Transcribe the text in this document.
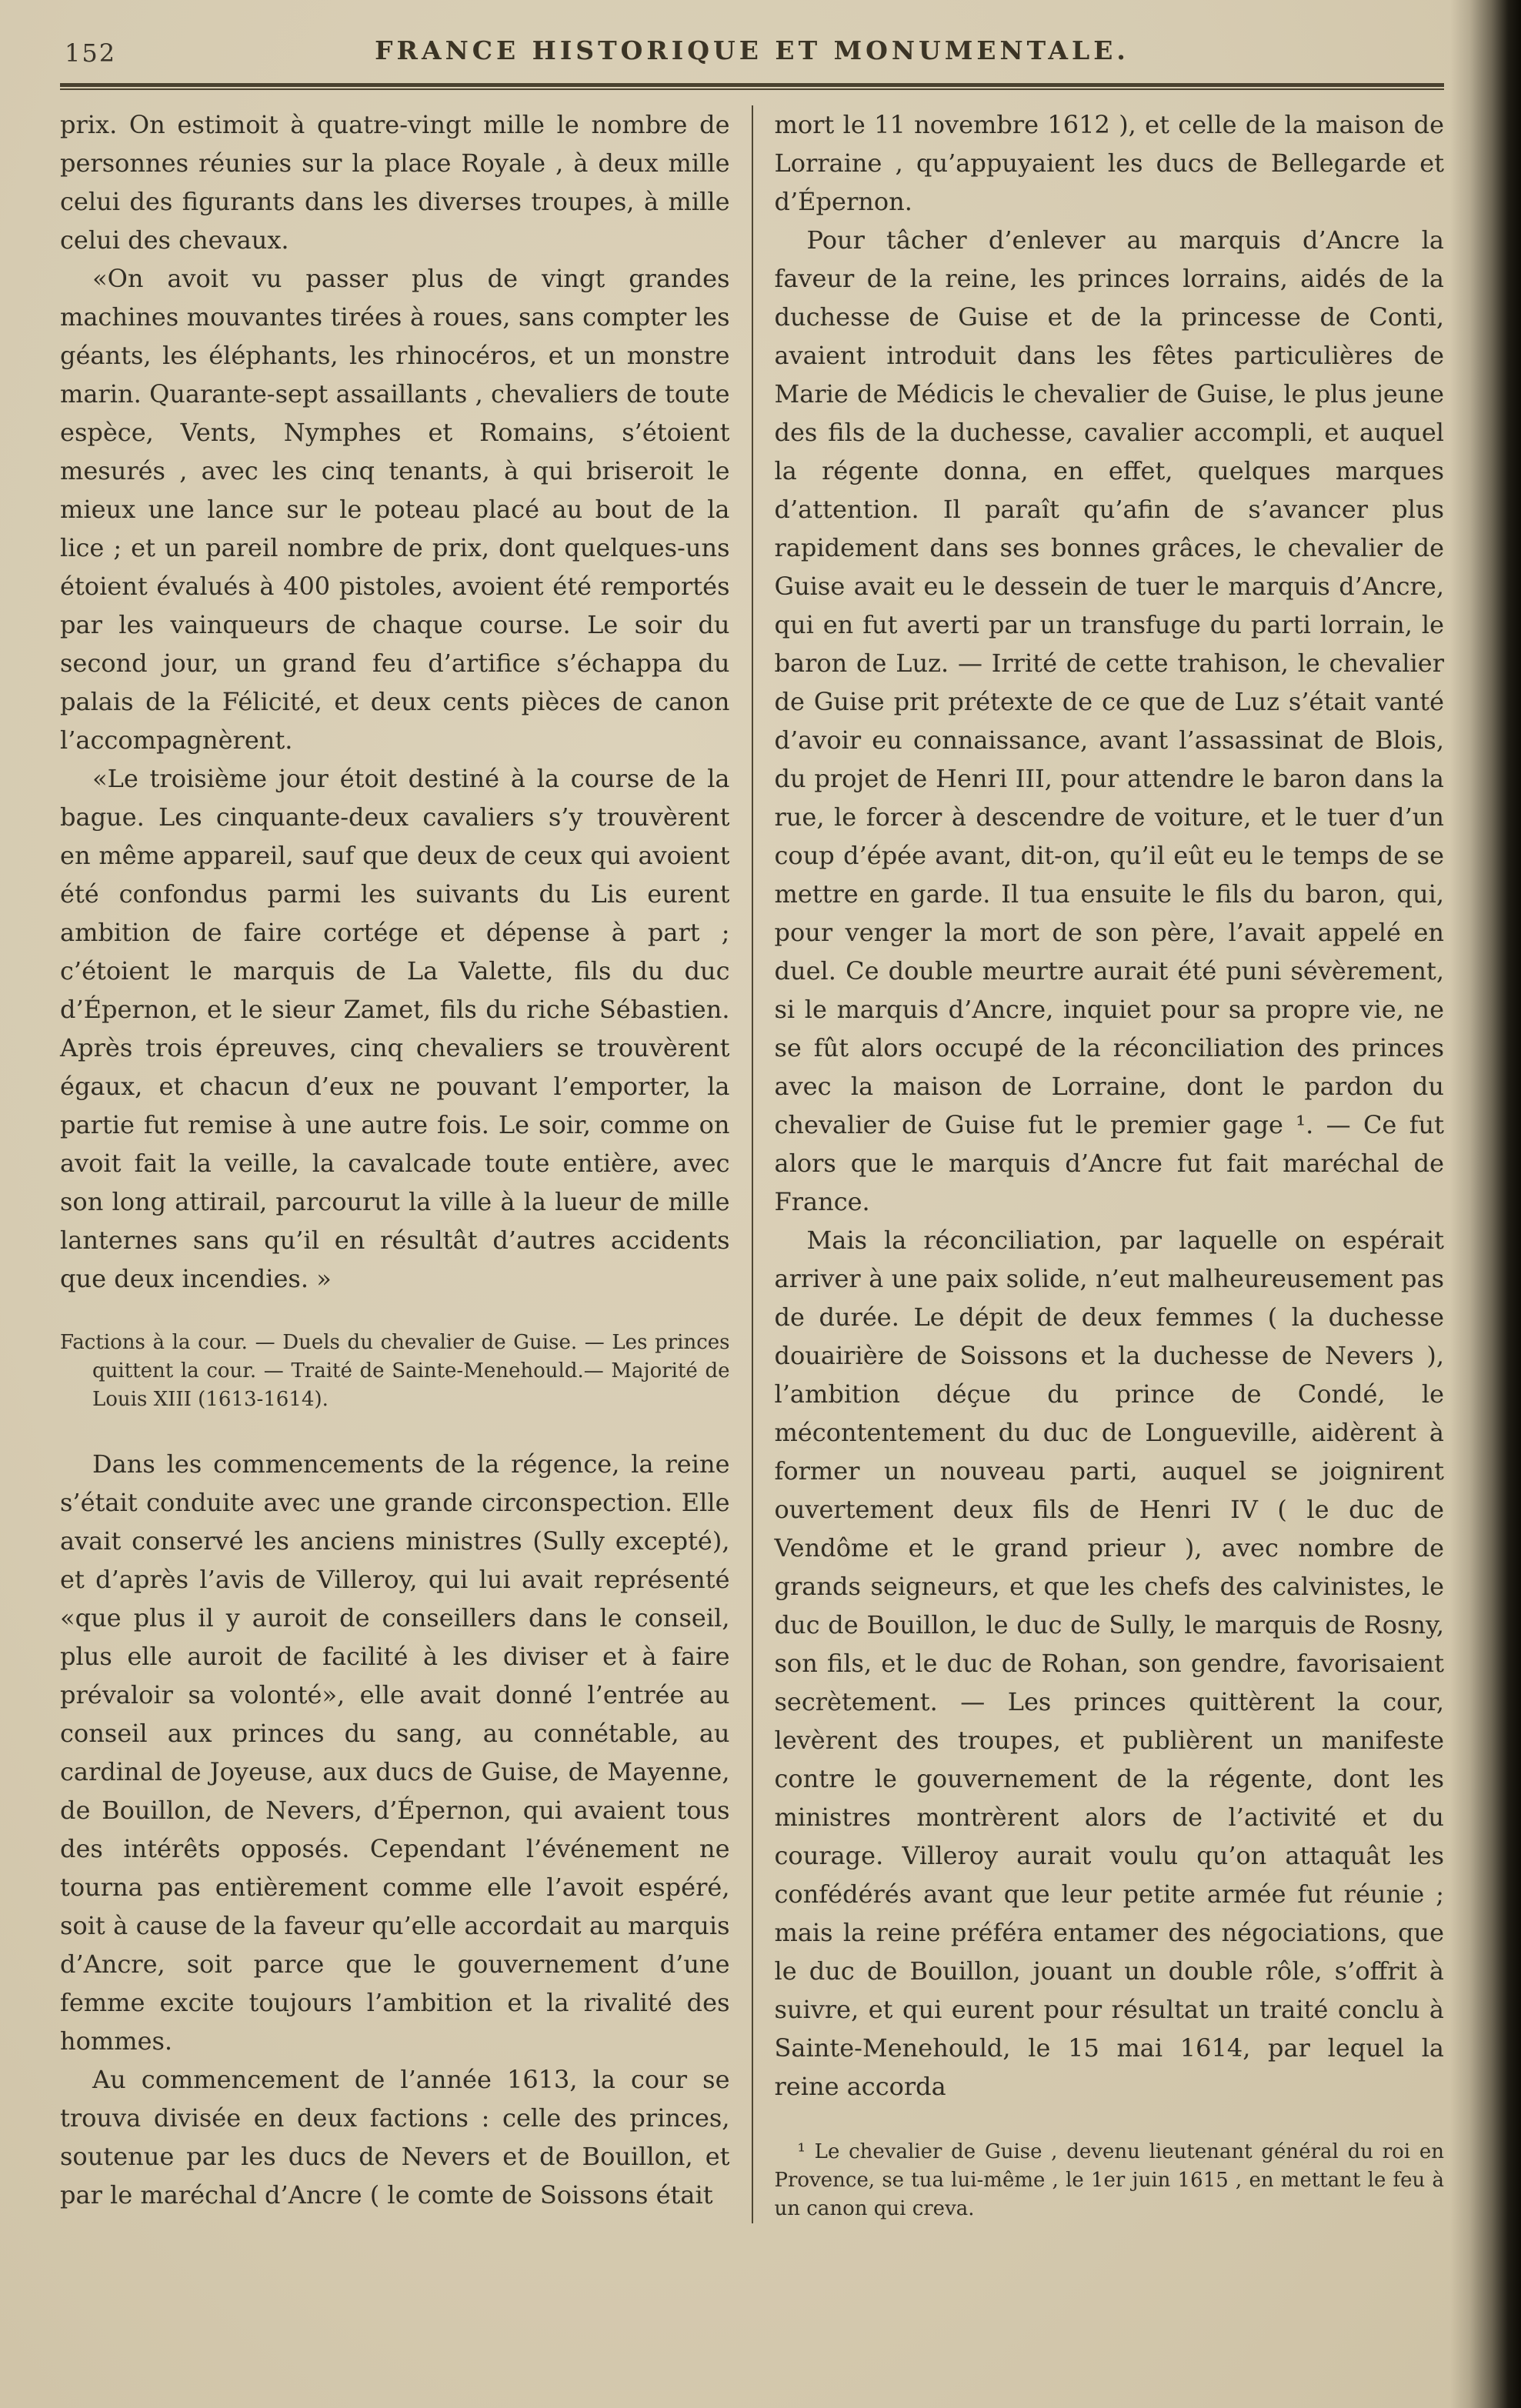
152	FRANCE HISTORIQUE ET MONUMENTALE.

prix. On estimoit à quatre-vingt mille le nombre de personnes réunies sur la place Royale , à deux mille celui des figurants dans les diverses troupes, à mille celui des chevaux.

«On avoit vu passer plus de vingt grandes machines mouvantes tirées à roues, sans compter les géants, les éléphants, les rhinocéros, et un monstre marin. Quarante-sept assaillants , chevaliers de toute espèce, Vents, Nymphes et Romains, s’étoient mesurés , avec les cinq tenants, à qui briseroit le mieux une lance sur le poteau placé au bout de la lice ; et un pareil nombre de prix, dont quelques-uns étoient évalués à 400 pistoles, avoient été remportés par les vainqueurs de chaque course. Le soir du second jour, un grand feu d’artifice s’échappa du palais de la Félicité, et deux cents pièces de canon l’accompagnèrent.

«Le troisième jour étoit destiné à la course de la bague. Les cinquante-deux cavaliers s’y trouvèrent en même appareil, sauf que deux de ceux qui avoient été confondus parmi les suivants du Lis eurent ambition de faire cortége et dépense à part ; c’étoient le marquis de La Valette, fils du duc d’Épernon, et le sieur Zamet, fils du riche Sébastien. Après trois épreuves, cinq chevaliers se trouvèrent égaux, et chacun d’eux ne pouvant l’emporter, la partie fut remise à une autre fois. Le soir, comme on avoit fait la veille, la cavalcade toute entière, avec son long attirail, parcourut la ville à la lueur de mille lanternes sans qu’il en résultât d’autres accidents que deux incendies. »

Factions à la cour. — Duels du chevalier de Guise. — Les princes quittent la cour. — Traité de Sainte-Menehould.— Majorité de Louis XIII (1613-1614).

Dans les commencements de la régence, la reine s’était conduite avec une grande circonspection. Elle avait conservé les anciens ministres (Sully excepté), et d’après l’avis de Villeroy, qui lui avait représenté «que plus il y auroit de conseillers dans le conseil, plus elle auroit de facilité à les diviser et à faire prévaloir sa volonté», elle avait donné l’entrée au conseil aux princes du sang, au connétable, au cardinal de Joyeuse, aux ducs de Guise, de Mayenne, de Bouillon, de Nevers, d’Épernon, qui avaient tous des intérêts opposés. Cependant l’événement ne tourna pas entièrement comme elle l’avoit espéré, soit à cause de la faveur qu’elle accordait au marquis d’Ancre, soit parce que le gouvernement d’une femme excite toujours l’ambition et la rivalité des hommes.

Au commencement de l’année 1613, la cour se trouva divisée en deux factions : celle des princes, soutenue par les ducs de Nevers et de Bouillon, et par le maréchal d’Ancre ( le comte de Soissons était

mort le 11 novembre 1612 ), et celle de la maison de Lorraine , qu’appuyaient les ducs de Bellegarde et d’Épernon.

Pour tâcher d’enlever au marquis d’Ancre la faveur de la reine, les princes lorrains, aidés de la duchesse de Guise et de la princesse de Conti, avaient introduit dans les fêtes particulières de Marie de Médicis le chevalier de Guise, le plus jeune des fils de la duchesse, cavalier accompli, et auquel la régente donna, en effet, quelques marques d’attention. Il paraît qu’afin de s’avancer plus rapidement dans ses bonnes grâces, le chevalier de Guise avait eu le dessein de tuer le marquis d’Ancre, qui en fut averti par un transfuge du parti lorrain, le baron de Luz. — Irrité de cette trahison, le chevalier de Guise prit prétexte de ce que de Luz s’était vanté d’avoir eu connaissance, avant l’assassinat de Blois, du projet de Henri III, pour attendre le baron dans la rue, le forcer à descendre de voiture, et le tuer d’un coup d’épée avant, dit-on, qu’il eût eu le temps de se mettre en garde. Il tua ensuite le fils du baron, qui, pour venger la mort de son père, l’avait appelé en duel. Ce double meurtre aurait été puni sévèrement, si le marquis d’Ancre, inquiet pour sa propre vie, ne se fût alors occupé de la réconciliation des princes avec la maison de Lorraine, dont le pardon du chevalier de Guise fut le premier gage ¹. — Ce fut alors que le marquis d’Ancre fut fait maréchal de France.

Mais la réconciliation, par laquelle on espérait arriver à une paix solide, n’eut malheureusement pas de durée. Le dépit de deux femmes ( la duchesse douairière de Soissons et la duchesse de Nevers ), l’ambition déçue du prince de Condé, le mécontentement du duc de Longueville, aidèrent à former un nouveau parti, auquel se joignirent ouvertement deux fils de Henri IV ( le duc de Vendôme et le grand prieur ), avec nombre de grands seigneurs, et que les chefs des calvinistes, le duc de Bouillon, le duc de Sully, le marquis de Rosny, son fils, et le duc de Rohan, son gendre, favorisaient secrètement. — Les princes quittèrent la cour, levèrent des troupes, et publièrent un manifeste contre le gouvernement de la régente, dont les ministres montrèrent alors de l’activité et du courage. Villeroy aurait voulu qu’on attaquât les confédérés avant que leur petite armée fut réunie ; mais la reine préféra entamer des négociations, que le duc de Bouillon, jouant un double rôle, s’offrit à suivre, et qui eurent pour résultat un traité conclu à Sainte-Menehould, le 15 mai 1614, par lequel la reine accorda

¹ Le chevalier de Guise , devenu lieutenant général du roi en Provence, se tua lui-même , le 1er juin 1615 , en mettant le feu à un canon qui creva.
